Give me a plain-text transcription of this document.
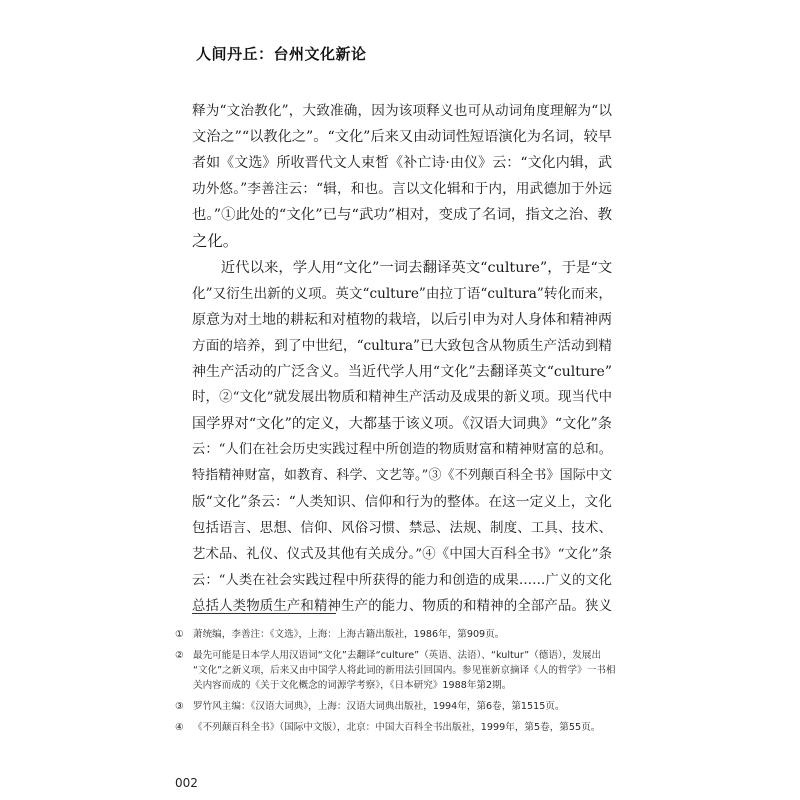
人间丹丘：台州文化新论
释为“文治教化”，大致准确，因为该项释义也可从动词角度理解为“以
文治之”“以教化之”。“文化”后来又由动词性短语演化为名词，较早
者如《文选》所收晋代文人束皙《补亡诗·由仪》云：“文化内辑，武
功外悠。”李善注云：“辑，和也。言以文化辑和于内，用武德加于外远
也。”①此处的“文化”已与“武功”相对，变成了名词，指文之治、教
之化。
　　近代以来，学人用“文化”一词去翻译英文“culture”，于是“文
化”又衍生出新的义项。英文“culture”由拉丁语“cultura”转化而来，
原意为对土地的耕耘和对植物的栽培，以后引申为对人身体和精神两
方面的培养，到了中世纪，“cultura”已大致包含从物质生产活动到精
神生产活动的广泛含义。当近代学人用“文化”去翻译英文“culture”
时，②“文化”就发展出物质和精神生产活动及成果的新义项。现当代中
国学界对“文化”的定义，大都基于该义项。《汉语大词典》“文化”条
云：“人们在社会历史实践过程中所创造的物质财富和精神财富的总和。
特指精神财富，如教育、科学、文艺等。”③《不列颠百科全书》国际中文
版“文化”条云：“人类知识、信仰和行为的整体。在这一定义上，文化
包括语言、思想、信仰、风俗习惯、禁忌、法规、制度、工具、技术、
艺术品、礼仪、仪式及其他有关成分。”④《中国大百科全书》“文化”条
云：“人类在社会实践过程中所获得的能力和创造的成果……广义的文化
总括人类物质生产和精神生产的能力、物质的和精神的全部产品。狭义
① 萧统编，李善注：《文选》，上海：上海古籍出版社，1986年，第909页。
② 最先可能是日本学人用汉语词“文化”去翻译“culture”（英语、法语）、“kultur”（德语），发展出
“文化”之新义项，后来又由中国学人将此词的新用法引回国内。参见崔新京摘译《人的哲学》一书相
关内容而成的《关于文化概念的词源学考察》，《日本研究》1988年第2期。
③ 罗竹风主编：《汉语大词典》，上海：汉语大词典出版社，1994年，第6卷，第1515页。
④ 《不列颠百科全书》（国际中文版），北京：中国大百科全书出版社，1999年，第5卷，第55页。
002
